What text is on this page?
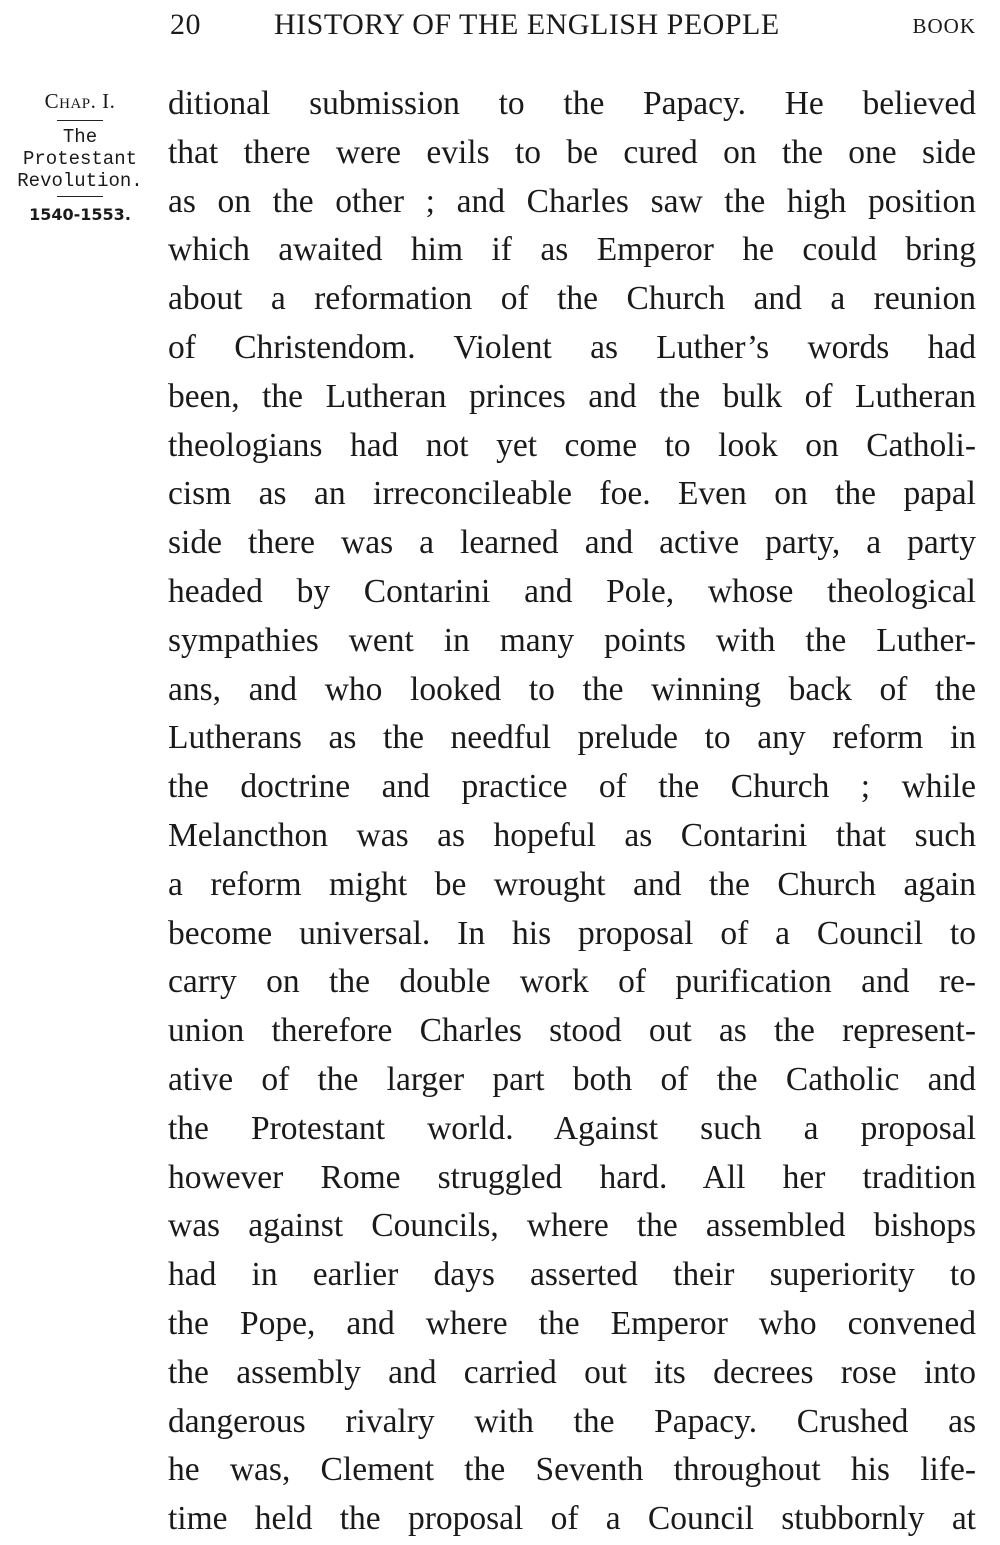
20 HISTORY OF THE ENGLISH PEOPLE	BOOK
Chap. I.
The
Protestant
Revolution.
1540-1553.
ditional submission to the Papacy. He believed
that there were evils to be cured on the one side
as on the other ; and Charles saw the high position
which awaited him if as Emperor he could bring
about a reformation of the Church and a reunion
of Christendom. Violent as Luther’s words had
been, the Lutheran princes and the bulk of Lutheran
theologians had not yet come to look on Catholi-
cism as an irreconcileable foe. Even on the papal
side there was a learned and active party, a party
headed by Contarini and Pole, whose theological
sympathies went in many points with the Luther-
ans, and who looked to the winning back of the
Lutherans as the needful prelude to any reform in
the doctrine and practice of the Church ; while
Melancthon was as hopeful as Contarini that such
a reform might be wrought and the Church again
become universal. In his proposal of a Council to
carry on the double work of purification and re-
union therefore Charles stood out as the represent-
ative of the larger part both of the Catholic and
the Protestant world. Against such a proposal
however Rome struggled hard. All her tradition
was against Councils, where the assembled bishops
had in earlier days asserted their superiority to
the Pope, and where the Emperor who convened
the assembly and carried out its decrees rose into
dangerous rivalry with the Papacy. Crushed as
he was, Clement the Seventh throughout his life-
time held the proposal of a Council stubbornly at
